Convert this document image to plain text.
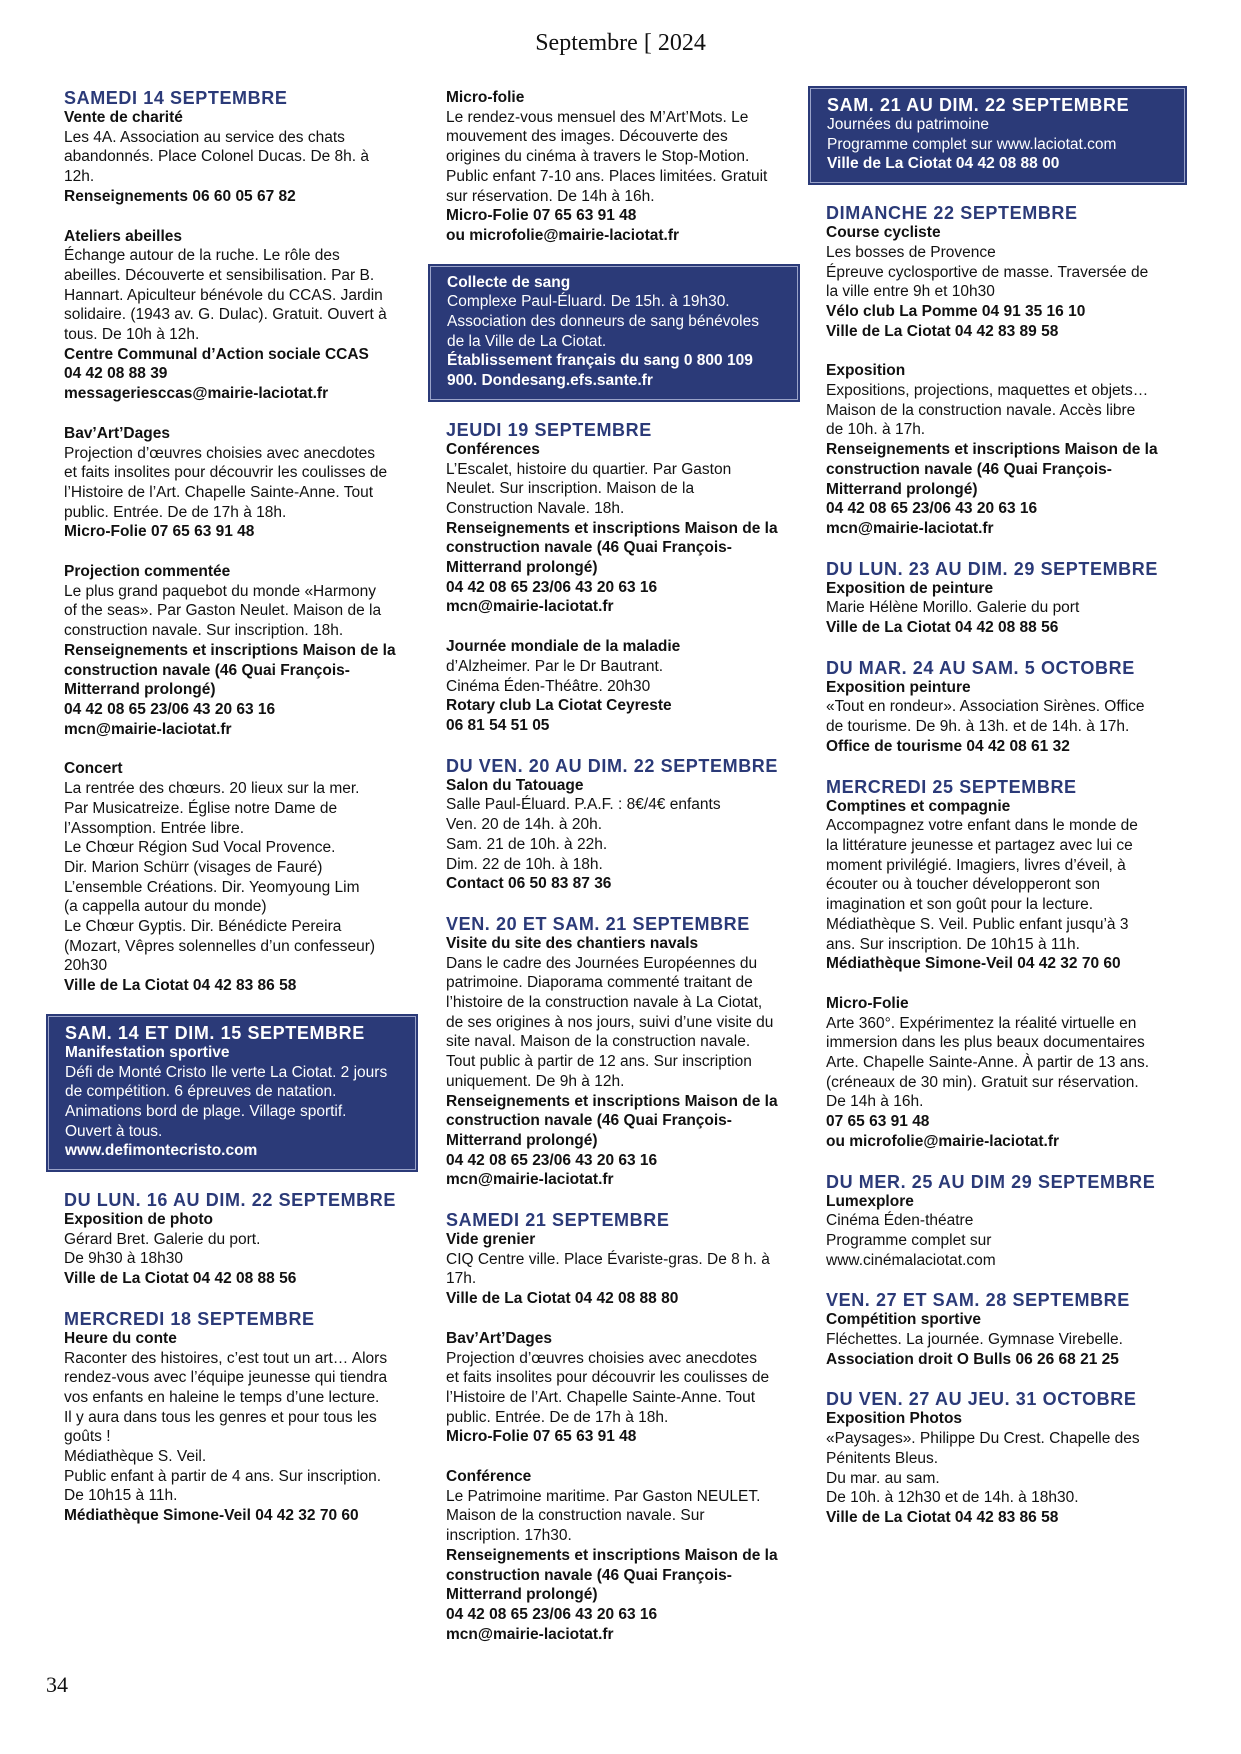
Septembre [ 2024
SAMEDI 14 SEPTEMBRE
Vente de charité
Les 4A. Association au service des chats
abandonnés. Place Colonel Ducas. De 8h. à
12h.
Renseignements 06 60 05 67 82
Ateliers abeilles
Échange autour de la ruche. Le rôle des
abeilles. Découverte et sensibilisation. Par B.
Hannart. Apiculteur bénévole du CCAS. Jardin
solidaire. (1943 av. G. Dulac). Gratuit. Ouvert à
tous. De 10h à 12h.
Centre Communal d’Action sociale CCAS
04 42 08 88 39
messageriesccas@mairie-laciotat.fr
Bav’Art’Dages
Projection d’œuvres choisies avec anecdotes
et faits insolites pour découvrir les coulisses de
l’Histoire de l’Art. Chapelle Sainte-Anne. Tout
public. Entrée. De de 17h à 18h.
Micro-Folie 07 65 63 91 48
Projection commentée
Le plus grand paquebot du monde «Harmony
of the seas». Par Gaston Neulet. Maison de la
construction navale. Sur inscription. 18h.
Renseignements et inscriptions Maison de la
construction navale (46 Quai François-
Mitterrand prolongé)
04 42 08 65 23/06 43 20 63 16
mcn@mairie-laciotat.fr
Concert
La rentrée des chœurs. 20 lieux sur la mer.
Par Musicatreize. Église notre Dame de
l’Assomption. Entrée libre.
Le Chœur Région Sud Vocal Provence.
Dir. Marion Schürr (visages de Fauré)
L’ensemble Créations. Dir. Yeomyoung Lim
(a cappella autour du monde)
Le Chœur Gyptis. Dir. Bénédicte Pereira
(Mozart, Vêpres solennelles d’un confesseur)
20h30
Ville de La Ciotat 04 42 83 86 58
SAM. 14 ET DIM. 15 SEPTEMBRE
Manifestation sportive
Défi de Monté Cristo Ile verte La Ciotat. 2 jours
de compétition. 6 épreuves de natation.
Animations bord de plage. Village sportif.
Ouvert à tous.
www.defimontecristo.com
DU LUN. 16 AU DIM. 22 SEPTEMBRE
Exposition de photo
Gérard Bret. Galerie du port.
De 9h30 à 18h30
Ville de La Ciotat 04 42 08 88 56
MERCREDI 18 SEPTEMBRE
Heure du conte
Raconter des histoires, c’est tout un art… Alors
rendez-vous avec l’équipe jeunesse qui tiendra
vos enfants en haleine le temps d’une lecture.
Il y aura dans tous les genres et pour tous les
goûts !
Médiathèque S. Veil.
Public enfant à partir de 4 ans. Sur inscription.
De 10h15 à 11h.
Médiathèque Simone-Veil 04 42 32 70 60
Micro-folie
Le rendez-vous mensuel des M’Art’Mots. Le
mouvement des images. Découverte des
origines du cinéma à travers le Stop-Motion.
Public enfant 7-10 ans. Places limitées. Gratuit
sur réservation. De 14h à 16h.
Micro-Folie 07 65 63 91 48
ou microfolie@mairie-laciotat.fr
Collecte de sang
Complexe Paul-Éluard. De 15h. à 19h30.
Association des donneurs de sang bénévoles
de la Ville de La Ciotat.
Établissement français du sang 0 800 109
900. Dondesang.efs.sante.fr
JEUDI 19 SEPTEMBRE
Conférences
L’Escalet, histoire du quartier. Par Gaston
Neulet. Sur inscription. Maison de la
Construction Navale. 18h.
Renseignements et inscriptions Maison de la
construction navale (46 Quai François-
Mitterrand prolongé)
04 42 08 65 23/06 43 20 63 16
mcn@mairie-laciotat.fr
Journée mondiale de la maladie
d’Alzheimer. Par le Dr Bautrant.
Cinéma Éden-Théâtre. 20h30
Rotary club La Ciotat Ceyreste
06 81 54 51 05
DU VEN. 20 AU DIM. 22 SEPTEMBRE
Salon du Tatouage
Salle Paul-Éluard. P.A.F. : 8€/4€ enfants
Ven. 20 de 14h. à 20h.
Sam. 21 de 10h. à 22h.
Dim. 22 de 10h. à 18h.
Contact 06 50 83 87 36
VEN. 20 ET SAM. 21 SEPTEMBRE
Visite du site des chantiers navals
Dans le cadre des Journées Européennes du
patrimoine. Diaporama commenté traitant de
l’histoire de la construction navale à La Ciotat,
de ses origines à nos jours, suivi d’une visite du
site naval. Maison de la construction navale.
Tout public à partir de 12 ans. Sur inscription
uniquement. De 9h à 12h.
Renseignements et inscriptions Maison de la
construction navale (46 Quai François-
Mitterrand prolongé)
04 42 08 65 23/06 43 20 63 16
mcn@mairie-laciotat.fr
SAMEDI 21 SEPTEMBRE
Vide grenier
CIQ Centre ville. Place Évariste-gras. De 8 h. à 17h.
Ville de La Ciotat 04 42 08 88 80
Bav’Art’Dages
Projection d’œuvres choisies avec anecdotes
et faits insolites pour découvrir les coulisses de
l’Histoire de l’Art. Chapelle Sainte-Anne. Tout
public. Entrée. De de 17h à 18h.
Micro-Folie 07 65 63 91 48
Conférence
Le Patrimoine maritime. Par Gaston NEULET.
Maison de la construction navale. Sur
inscription. 17h30.
Renseignements et inscriptions Maison de la
construction navale (46 Quai François-
Mitterrand prolongé)
04 42 08 65 23/06 43 20 63 16
mcn@mairie-laciotat.fr
SAM. 21 AU DIM. 22 SEPTEMBRE
Journées du patrimoine
Programme complet sur www.laciotat.com
Ville de La Ciotat 04 42 08 88 00
DIMANCHE 22 SEPTEMBRE
Course cycliste
Les bosses de Provence
Épreuve cyclosportive de masse. Traversée de
la ville entre 9h et 10h30
Vélo club La Pomme 04 91 35 16 10
Ville de La Ciotat 04 42 83 89 58
Exposition
Expositions, projections, maquettes et objets…
Maison de la construction navale. Accès libre
de 10h. à 17h.
Renseignements et inscriptions Maison de la
construction navale (46 Quai François-
Mitterrand prolongé)
04 42 08 65 23/06 43 20 63 16
mcn@mairie-laciotat.fr
DU LUN. 23 AU DIM. 29 SEPTEMBRE
Exposition de peinture
Marie Hélène Morillo. Galerie du port
Ville de La Ciotat 04 42 08 88 56
DU MAR. 24 AU SAM. 5 OCTOBRE
Exposition peinture
«Tout en rondeur». Association Sirènes. Office
de tourisme. De 9h. à 13h. et de 14h. à 17h.
Office de tourisme 04 42 08 61 32
MERCREDI 25 SEPTEMBRE
Comptines et compagnie
Accompagnez votre enfant dans le monde de
la littérature jeunesse et partagez avec lui ce
moment privilégié. Imagiers, livres d’éveil, à
écouter ou à toucher développeront son
imagination et son goût pour la lecture.
Médiathèque S. Veil. Public enfant jusqu’à 3
ans. Sur inscription. De 10h15 à 11h.
Médiathèque Simone-Veil 04 42 32 70 60
Micro-Folie
Arte 360°. Expérimentez la réalité virtuelle en
immersion dans les plus beaux documentaires
Arte. Chapelle Sainte-Anne. À partir de 13 ans.
(créneaux de 30 min). Gratuit sur réservation.
De 14h à 16h.
07 65 63 91 48
ou microfolie@mairie-laciotat.fr
DU MER. 25 AU DIM 29 SEPTEMBRE
Lumexplore
Cinéma Éden-théatre
Programme complet sur
www.cinémalaciotat.com
VEN. 27 ET SAM. 28 SEPTEMBRE
Compétition sportive
Fléchettes. La journée. Gymnase Virebelle.
Association droit O Bulls 06 26 68 21 25
DU VEN. 27 AU JEU. 31 OCTOBRE
Exposition Photos
«Paysages». Philippe Du Crest. Chapelle des
Pénitents Bleus.
Du mar. au sam.
De 10h. à 12h30 et de 14h. à 18h30.
Ville de La Ciotat 04 42 83 86 58
34
